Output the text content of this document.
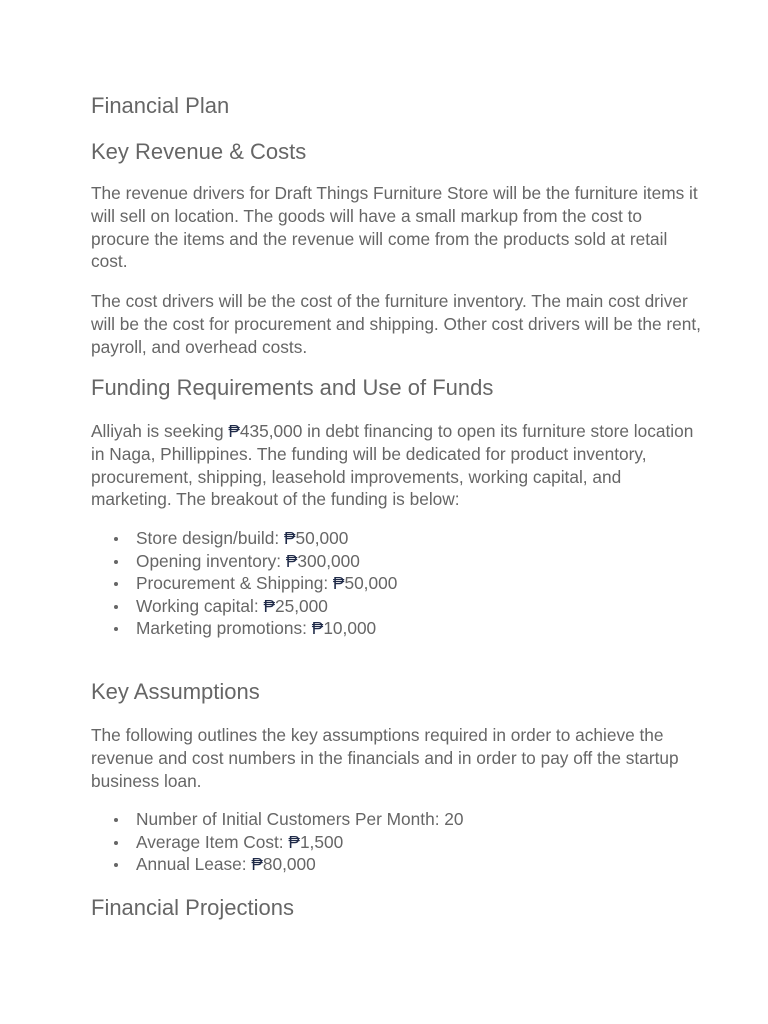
Financial Plan
Key Revenue & Costs

The revenue drivers for Draft Things Furniture Store will be the furniture items it will sell on location. The goods will have a small markup from the cost to procure the items and the revenue will come from the products sold at retail cost.

The cost drivers will be the cost of the furniture inventory. The main cost driver will be the cost for procurement and shipping. Other cost drivers will be the rent, payroll, and overhead costs.

Funding Requirements and Use of Funds

Alliyah is seeking ₱435,000 in debt financing to open its furniture store location in Naga, Phillippines. The funding will be dedicated for product inventory, procurement, shipping, leasehold improvements, working capital, and marketing. The breakout of the funding is below:

Store design/build: ₱50,000
Opening inventory: ₱300,000
Procurement & Shipping: ₱50,000
Working capital: ₱25,000
Marketing promotions: ₱10,000
Key Assumptions

The following outlines the key assumptions required in order to achieve the revenue and cost numbers in the financials and in order to pay off the startup business loan.

Number of Initial Customers Per Month: 20
Average Item Cost: ₱1,500
Annual Lease: ₱80,000
Financial Projections
